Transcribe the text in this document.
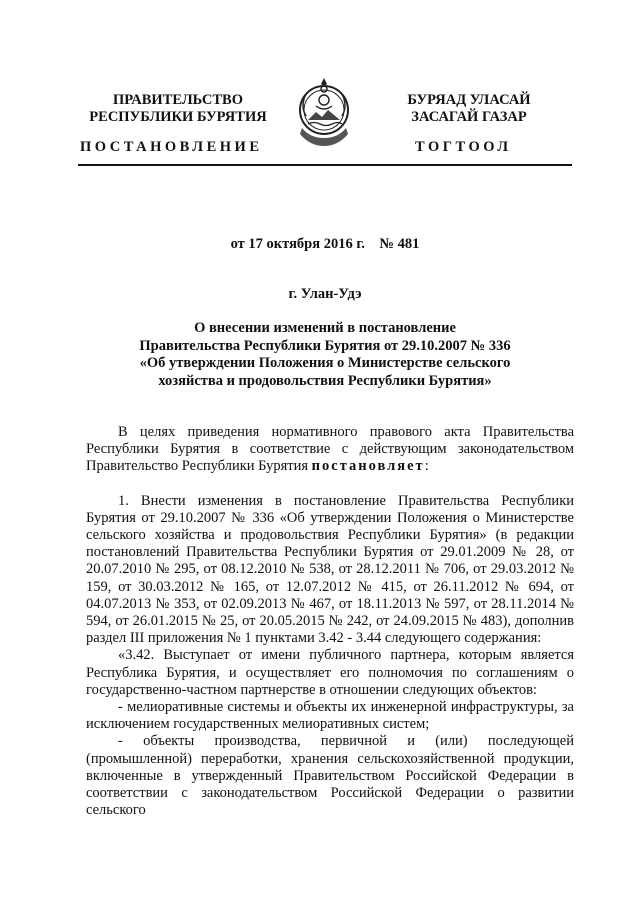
ПРАВИТЕЛЬСТВО
РЕСПУБЛИКИ БУРЯТИЯ
БУРЯАД УЛАСАЙ
ЗАСАГАЙ ГАЗАР
ПОСТАНОВЛЕНИЕ	ТОГТООЛ
от 17 октября 2016 г. № 481
г. Улан-Удэ
О внесении изменений в постановление
Правительства Республики Бурятия от 29.10.2007 № 336
«Об утверждении Положения о Министерстве сельского
хозяйства и продовольствия Республики Бурятия»

В целях приведения нормативного правового акта Правительства Республики Бурятия в соответствие с действующим законодательством Правительство Республики Бурятия постановляет:

1. Внести изменения в постановление Правительства Республики Бурятия от 29.10.2007 № 336 «Об утверждении Положения о Министерстве сельского хозяйства и продовольствия Республики Бурятия» (в редакции постановлений Правительства Республики Бурятия от 29.01.2009 № 28, от 20.07.2010 № 295, от 08.12.2010 № 538, от 28.12.2011 № 706, от 29.03.2012 № 159, от 30.03.2012 № 165, от 12.07.2012 № 415, от 26.11.2012 № 694, от 04.07.2013 № 353, от 02.09.2013 № 467, от 18.11.2013 № 597, от 28.11.2014 № 594, от 26.01.2015 № 25, от 20.05.2015 № 242, от 24.09.2015 № 483), дополнив раздел III приложения № 1 пунктами 3.42 - 3.44 следующего содержания:

«3.42. Выступает от имени публичного партнера, которым является Республика Бурятия, и осуществляет его полномочия по соглашениям о государственно-частном партнерстве в отношении следующих объектов:

- мелиоративные системы и объекты их инженерной инфраструктуры, за исключением государственных мелиоративных систем;

- объекты производства, первичной и (или) последующей (промышленной) переработки, хранения сельскохозяйственной продукции, включенные в утвержденный Правительством Российской Федерации в соответствии с законодательством Российской Федерации о развитии сельского
